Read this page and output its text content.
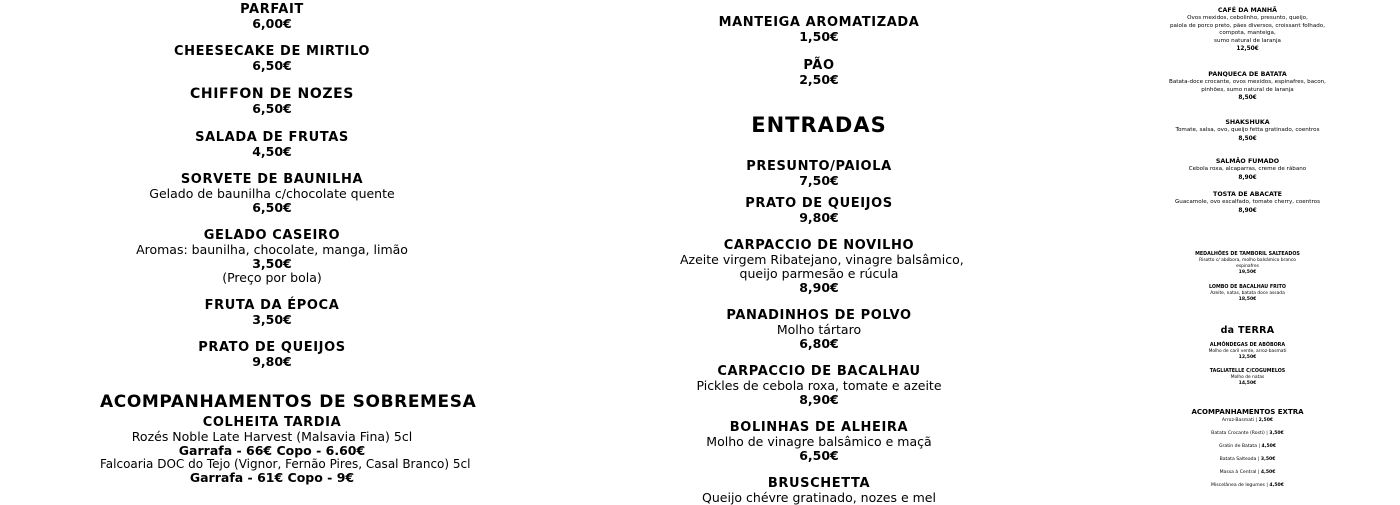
PARFAIT
6,00€
CHEESECAKE DE MIRTILO
6,50€
CHIFFON DE NOZES
6,50€
SALADA DE FRUTAS
4,50€
SORVETE DE BAUNILHA
Gelado de baunilha c/chocolate quente
6,50€
GELADO CASEIRO
Aromas: baunilha, chocolate, manga, limão
3,50€
(Preço por bola)
FRUTA DA ÉPOCA
3,50€
PRATO DE QUEIJOS
9,80€
ACOMPANHAMENTOS DE SOBREMESA
COLHEITA TARDIA
Rozés Noble Late Harvest (Malsavia Fina) 5cl
Garrafa - 66€ Copo - 6.60€
Falcoaria DOC do Tejo (Vignor, Fernão Pires, Casal Branco) 5cl
Garrafa - 61€ Copo - 9€
MANTEIGA AROMATIZADA
1,50€
PÃO
2,50€
ENTRADAS
PRESUNTO/PAIOLA
7,50€
PRATO DE QUEIJOS
9,80€
CARPACCIO DE NOVILHO
Azeite virgem Ribatejano, vinagre balsâmico,
queijo parmesão e rúcula
8,90€
PANADINHOS DE POLVO
Molho tártaro
6,80€
CARPACCIO DE BACALHAU
Pickles de cebola roxa, tomate e azeite
8,90€
BOLINHAS DE ALHEIRA
Molho de vinagre balsâmico e maçã
6,50€
BRUSCHETTA
Queijo chévre gratinado, nozes e mel
CAFÉ DA MANHÃ
Ovos mexidos, cebolinho, presunto, queijo,
paiola de porco preto, pães diversos, croissant folhado,
compota, manteiga,
sumo natural de laranja
12,50€
PANQUECA DE BATATA
Batata-doce crocante, ovos mexidos, espinafres, bacon,
pinhões, sumo natural de laranja
8,50€
SHAKSHUKA
Tomate, salsa, ovo, queijo fetta gratinado, coentros
8,50€
SALMÃO FUMADO
Cebola roxa, alcaparras, creme de rábano
8,90€
TOSTA DE ABACATE
Guacamole, ovo escalfado, tomate cherry, coentros
8,90€
MEDALHÕES DE TAMBORIL SALTEADOS
Risotto c/ abóbora, molho balsâmico branco
espinafres
19,50€
LOMBO DE BACALHAU FRITO
Azeite, natas, batata doce assada
18,50€
da TERRA
ALMÔNDEGAS DE ABÓBORA
Molho de caril verde, arroz-basmati
12,50€
TAGLIATELLE C/COGUMELOS
Molho de natas
14,50€
ACOMPANHAMENTOS EXTRA
Arroz-Basmati | 2,50€
Batata Crocante (Rosti) | 3,50€
Gratin de Batata | 4,50€
Batata Salteada | 3,50€
Massa à Central | 4,50€
Miscelânea de legumes | 4,50€
